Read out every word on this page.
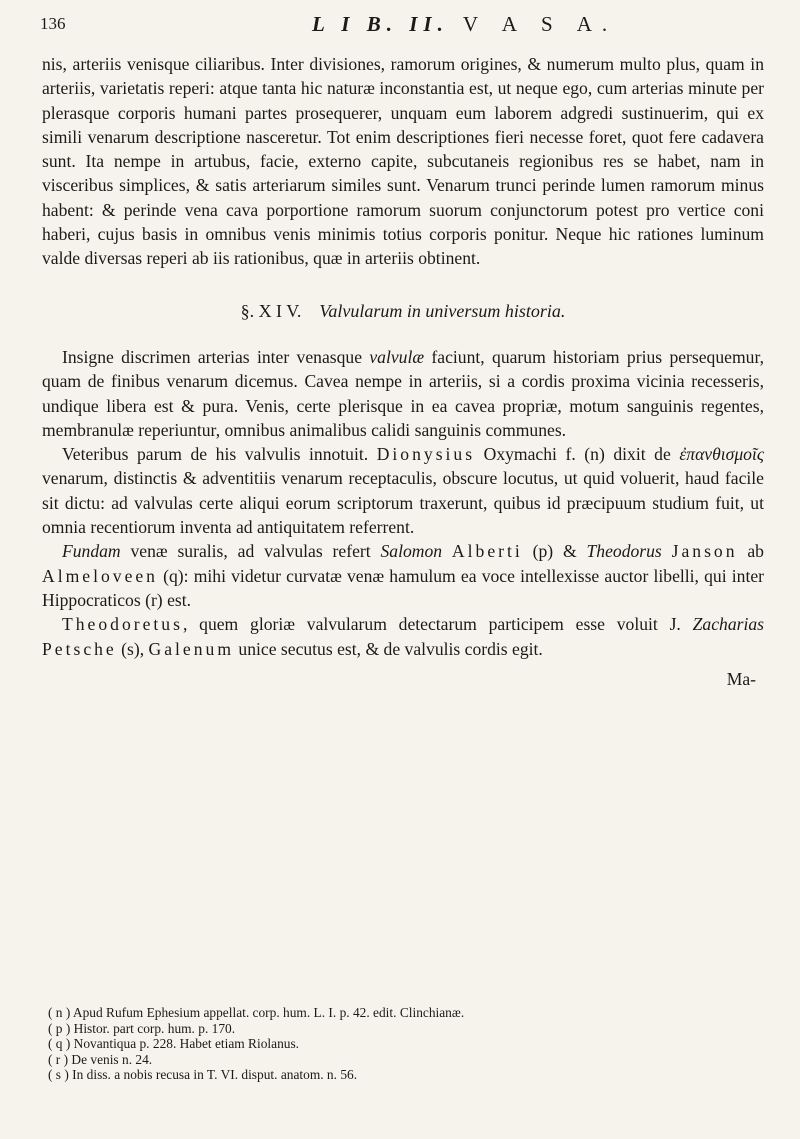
136	L I B. II. V A S A.

nis, arteriis venisque ciliaribus. Inter divisiones, ramorum origines, & numerum multo plus, quam in arteriis, varietatis reperi: atque tanta hic naturæ inconstantia est, ut neque ego, cum arterias minute per plerasque corporis humani partes prosequerer, unquam eum laborem adgredi sustinuerim, qui ex simili venarum descriptione nasceretur. Tot enim descriptiones fieri necesse foret, quot fere cadavera sunt. Ita nempe in artubus, facie, externo capite, subcutaneis regionibus res se habet, nam in visceribus simplices, & satis arteriarum similes sunt. Venarum trunci perinde lumen ramorum minus habent: & perinde vena cava porportione ramorum suorum conjunctorum potest pro vertice coni haberi, cujus basis in omnibus venis minimis totius corporis ponitur. Neque hic rationes luminum valde diversas reperi ab iis rationibus, quæ in arteriis obtinent.

§. X I V. Valvularum in universum historia.

Insigne discrimen arterias inter venasque valvulæ faciunt, quarum historiam prius persequemur, quam de finibus venarum dicemus. Cavea nempe in arteriis, si a cordis proxima vicinia recesseris, undique libera est & pura. Venis, certe plerisque in ea cavea propriæ, motum sanguinis regentes, membranulæ reperiuntur, omnibus animalibus calidi sanguinis communes.

Veteribus parum de his valvulis innotuit. Dionysius Oxymachi f. (n) dixit de ἐπανθισμοῖς venarum, distinctis & adventitiis venarum receptaculis, obscure locutus, ut quid voluerit, haud facile sit dictu: ad valvulas certe aliqui eorum scriptorum traxerunt, quibus id præcipuum studium fuit, ut omnia recentiorum inventa ad antiquitatem referrent.

Fundam venæ suralis, ad valvulas refert Salomon Alberti (p) & Theodorus Janson ab Almeloveen (q): mihi videtur curvatæ venæ hamulum ea voce intellexisse auctor libelli, qui inter Hippocraticos (r) est.

Theodoretus, quem gloriæ valvularum detectarum participem esse voluit J. Zacharias Petsche (s), Galenum unice secutus est, & de valvulis cordis egit.

Ma-
( n ) Apud Rufum Ephesium appellat. corp. hum. L. I. p. 42. edit. Clinchianæ.
( p ) Histor. part corp. hum. p. 170.
( q ) Novantiqua p. 228. Habet etiam Riolanus.
( r ) De venis n. 24.
( s ) In diss. a nobis recusa in T. VI. disput. anatom. n. 56.
